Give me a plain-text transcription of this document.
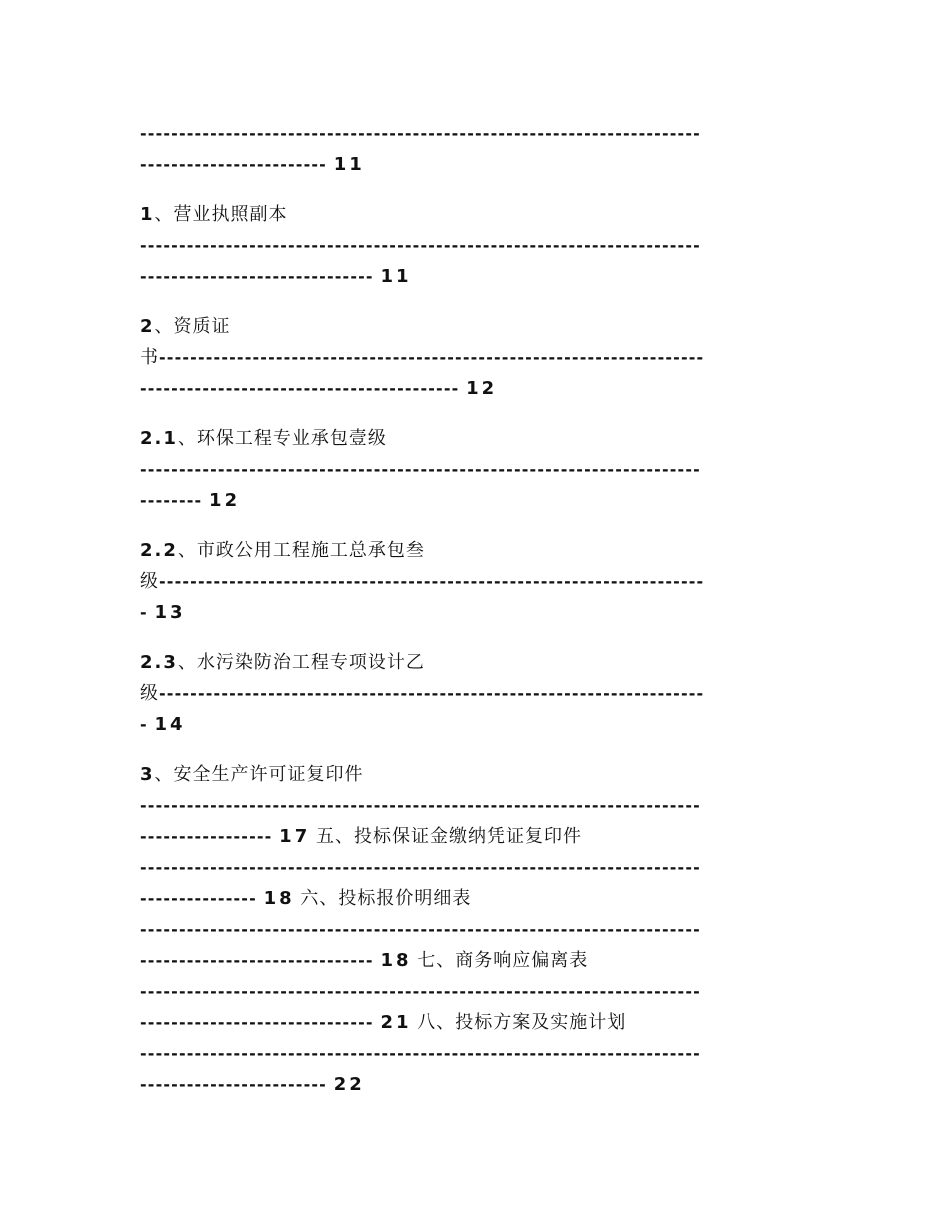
------------------------------------------------------------------------
------------------------ 11
1、营业执照副本
------------------------------------------------------------------------
------------------------------ 11
2、资质证
书----------------------------------------------------------------------
----------------------------------------- 12
2.1、环保工程专业承包壹级
------------------------------------------------------------------------
-------- 12
2.2、市政公用工程施工总承包叁
级----------------------------------------------------------------------
- 13
2.3、水污染防治工程专项设计乙
级----------------------------------------------------------------------
- 14
3、安全生产许可证复印件
------------------------------------------------------------------------
----------------- 17 五、投标保证金缴纳凭证复印件
------------------------------------------------------------------------
--------------- 18 六、投标报价明细表
------------------------------------------------------------------------
------------------------------ 18 七、商务响应偏离表
------------------------------------------------------------------------
------------------------------ 21 八、投标方案及实施计划
------------------------------------------------------------------------
------------------------ 22
